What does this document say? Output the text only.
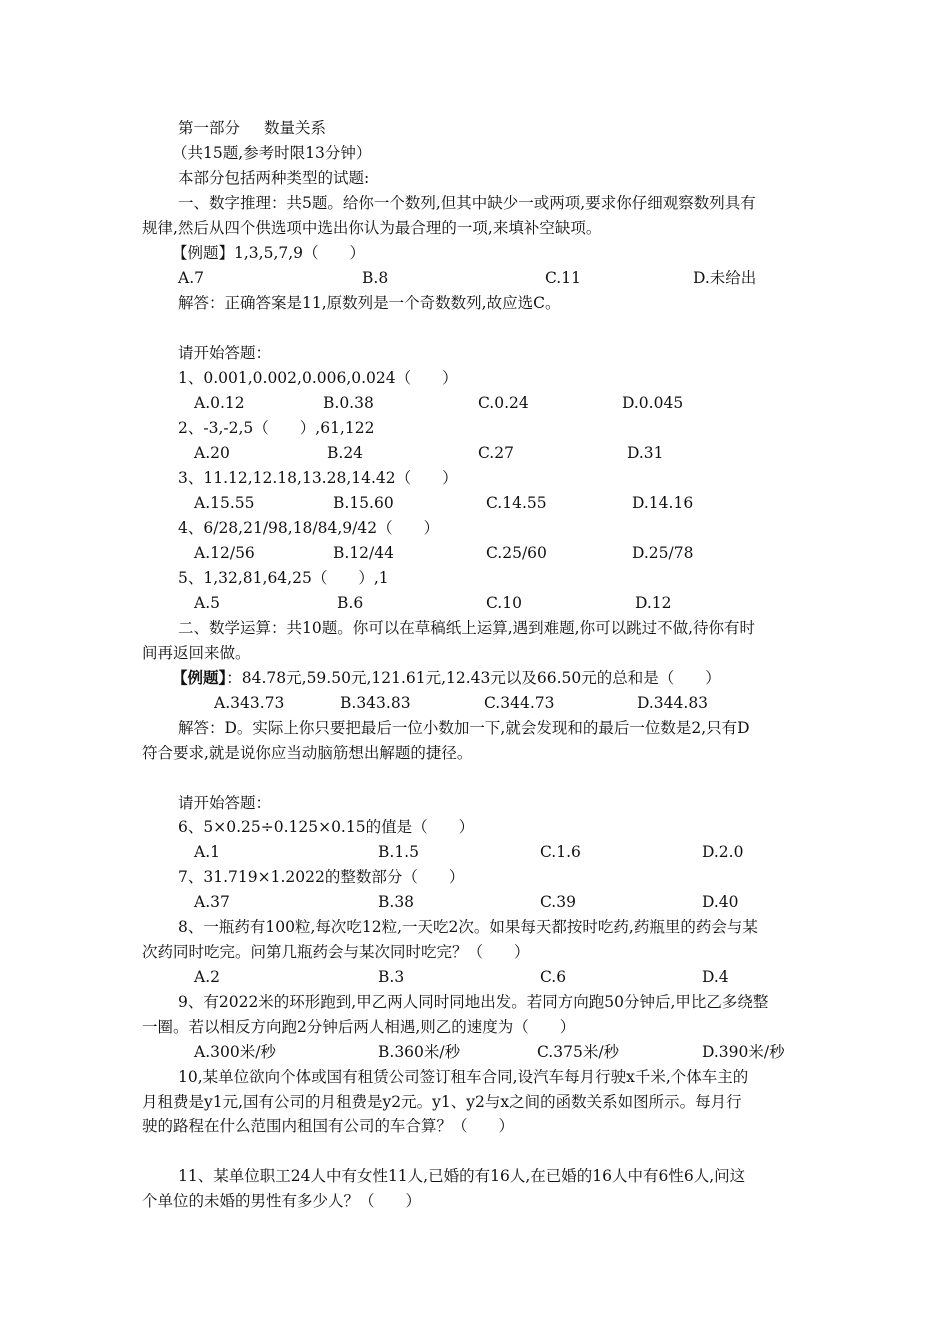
第一部分 数量关系
（共15题,参考时限13分钟）
本部分包括两种类型的试题:
一、数字推理：共5题。给你一个数列,但其中缺少一或两项,要求你仔细观察数列具有
规律,然后从四个供选项中选出你认为最合理的一项,来填补空缺项。
【例题】1,3,5,7,9（　　）
A.7	B.8	C.11	D.未给出
解答：正确答案是11,原数列是一个奇数数列,故应选C。
请开始答题：
1、0.001,0.002,0.006,0.024（　　）
A.0.12	B.0.38	C.0.24	D.0.045
2、-3,-2,5（　　）,61,122
A.20	B.24	C.27	D.31
3、11.12,12.18,13.28,14.42（　　）
A.15.55	B.15.60	C.14.55	D.14.16
4、6/28,21/98,18/84,9/42（　　）
A.12/56	B.12/44	C.25/60	D.25/78
5、1,32,81,64,25（　　）,1
A.5	B.6	C.10	D.12
二、数学运算：共10题。你可以在草稿纸上运算,遇到难题,你可以跳过不做,待你有时
间再返回来做。
【例题】：84.78元,59.50元,121.61元,12.43元以及66.50元的总和是（　　）
A.343.73	B.343.83	C.344.73	D.344.83
解答：D。实际上你只要把最后一位小数加一下,就会发现和的最后一位数是2,只有D
符合要求,就是说你应当动脑筋想出解题的捷径。
请开始答题：
6、5×0.25÷0.125×0.15的值是（　　）
A.1	B.1.5	C.1.6	D.2.0
7、31.719×1.2022的整数部分（　　）
A.37	B.38	C.39	D.40
8、一瓶药有100粒,每次吃12粒,一天吃2次。如果每天都按时吃药,药瓶里的药会与某
次药同时吃完。问第几瓶药会与某次同时吃完？（　　）
A.2	B.3	C.6	D.4
9、有2022米的环形跑到,甲乙两人同时同地出发。若同方向跑50分钟后,甲比乙多绕整
一圈。若以相反方向跑2分钟后两人相遇,则乙的速度为（　　）
A.300米/秒	B.360米/秒	C.375米/秒	D.390米/秒
10,某单位欲向个体或国有租赁公司签订租车合同,设汽车每月行驶x千米,个体车主的
月租费是y1元,国有公司的月租费是y2元。y1、y2与x之间的函数关系如图所示。每月行
驶的路程在什么范围内租国有公司的车合算？（　　）
11、某单位职工24人中有女性11人,已婚的有16人,在已婚的16人中有6性6人,问这
个单位的未婚的男性有多少人？（　　）
